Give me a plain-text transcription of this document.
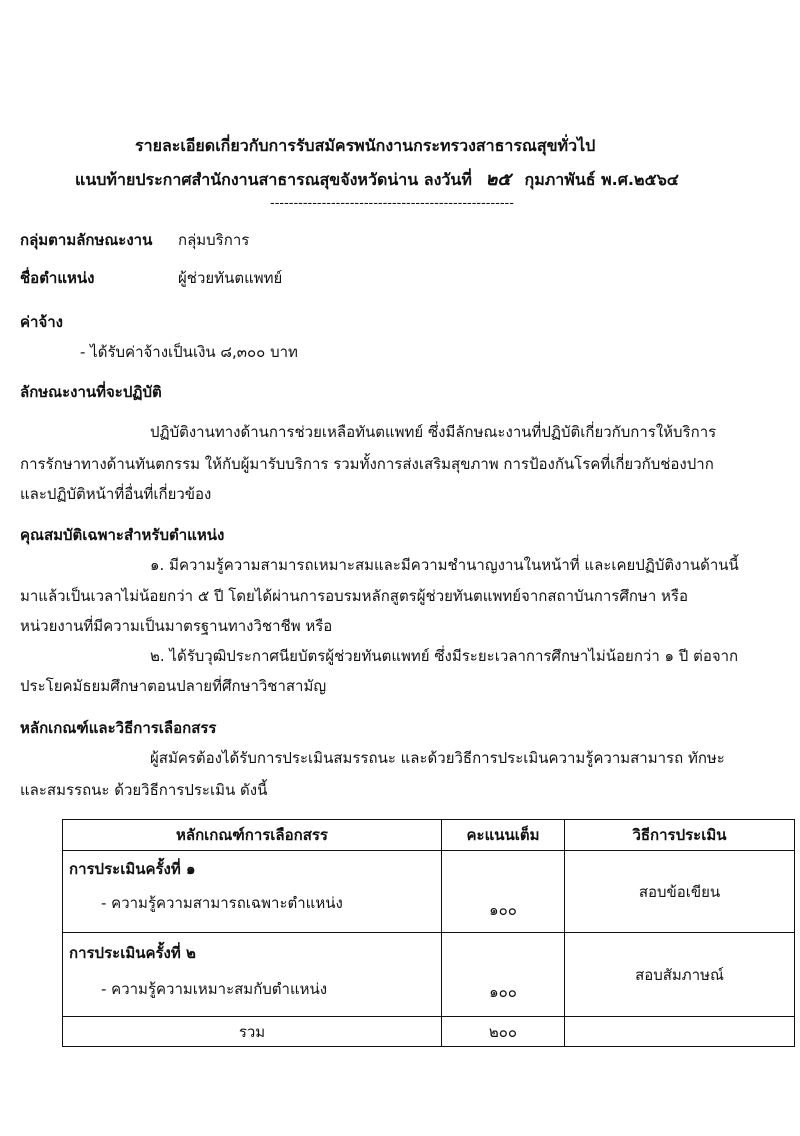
รายละเอียดเกี่ยวกับการรับสมัครพนักงานกระทรวงสาธารณสุขทั่วไป
แนบท้ายประกาศสำนักงานสาธารณสุขจังหวัดน่าน ลงวันที่ ๒๕ กุมภาพันธ์ พ.ศ.๒๕๖๔
----------------------------------------------------
กลุ่มตามลักษณะงาน กลุ่มบริการ
ชื่อตำแหน่ง	ผู้ช่วยทันตแพทย์
ค่าจ้าง
- ได้รับค่าจ้างเป็นเงิน ๘,๓๐๐ บาท
ลักษณะงานที่จะปฏิบัติ
ปฏิบัติงานทางด้านการช่วยเหลือทันตแพทย์ ซึ่งมีลักษณะงานที่ปฏิบัติเกี่ยวกับการให้บริการ
การรักษาทางด้านทันตกรรม ให้กับผู้มารับบริการ รวมทั้งการส่งเสริมสุขภาพ การป้องกันโรคที่เกี่ยวกับช่องปาก
และปฏิบัติหน้าที่อื่นที่เกี่ยวข้อง
คุณสมบัติเฉพาะสำหรับตำแหน่ง
๑. มีความรู้ความสามารถเหมาะสมและมีความชำนาญงานในหน้าที่ และเคยปฏิบัติงานด้านนี้
มาแล้วเป็นเวลาไม่น้อยกว่า ๕ ปี โดยได้ผ่านการอบรมหลักสูตรผู้ช่วยทันตแพทย์จากสถาบันการศึกษา หรือ
หน่วยงานที่มีความเป็นมาตรฐานทางวิชาชีพ หรือ
๒. ได้รับวุฒิประกาศนียบัตรผู้ช่วยทันตแพทย์ ซึ่งมีระยะเวลาการศึกษาไม่น้อยกว่า ๑ ปี ต่อจาก
ประโยคมัธยมศึกษาตอนปลายที่ศึกษาวิชาสามัญ
หลักเกณฑ์และวิธีการเลือกสรร
ผู้สมัครต้องได้รับการประเมินสมรรถนะ และด้วยวิธีการประเมินความรู้ความสามารถ ทักษะ
และสมรรถนะ ด้วยวิธีการประเมิน ดังนี้
หลักเกณฑ์การเลือกสรร	คะแนนเต็ม	วิธีการประเมิน

การประเมินครั้งที่ ๑
- ความรู้ความสามารถเฉพาะตำแหน่ง	๑๐๐	สอบข้อเขียน

การประเมินครั้งที่ ๒
- ความรู้ความเหมาะสมกับตำแหน่ง	๑๐๐	สอบสัมภาษณ์
รวม	๒๐๐	
